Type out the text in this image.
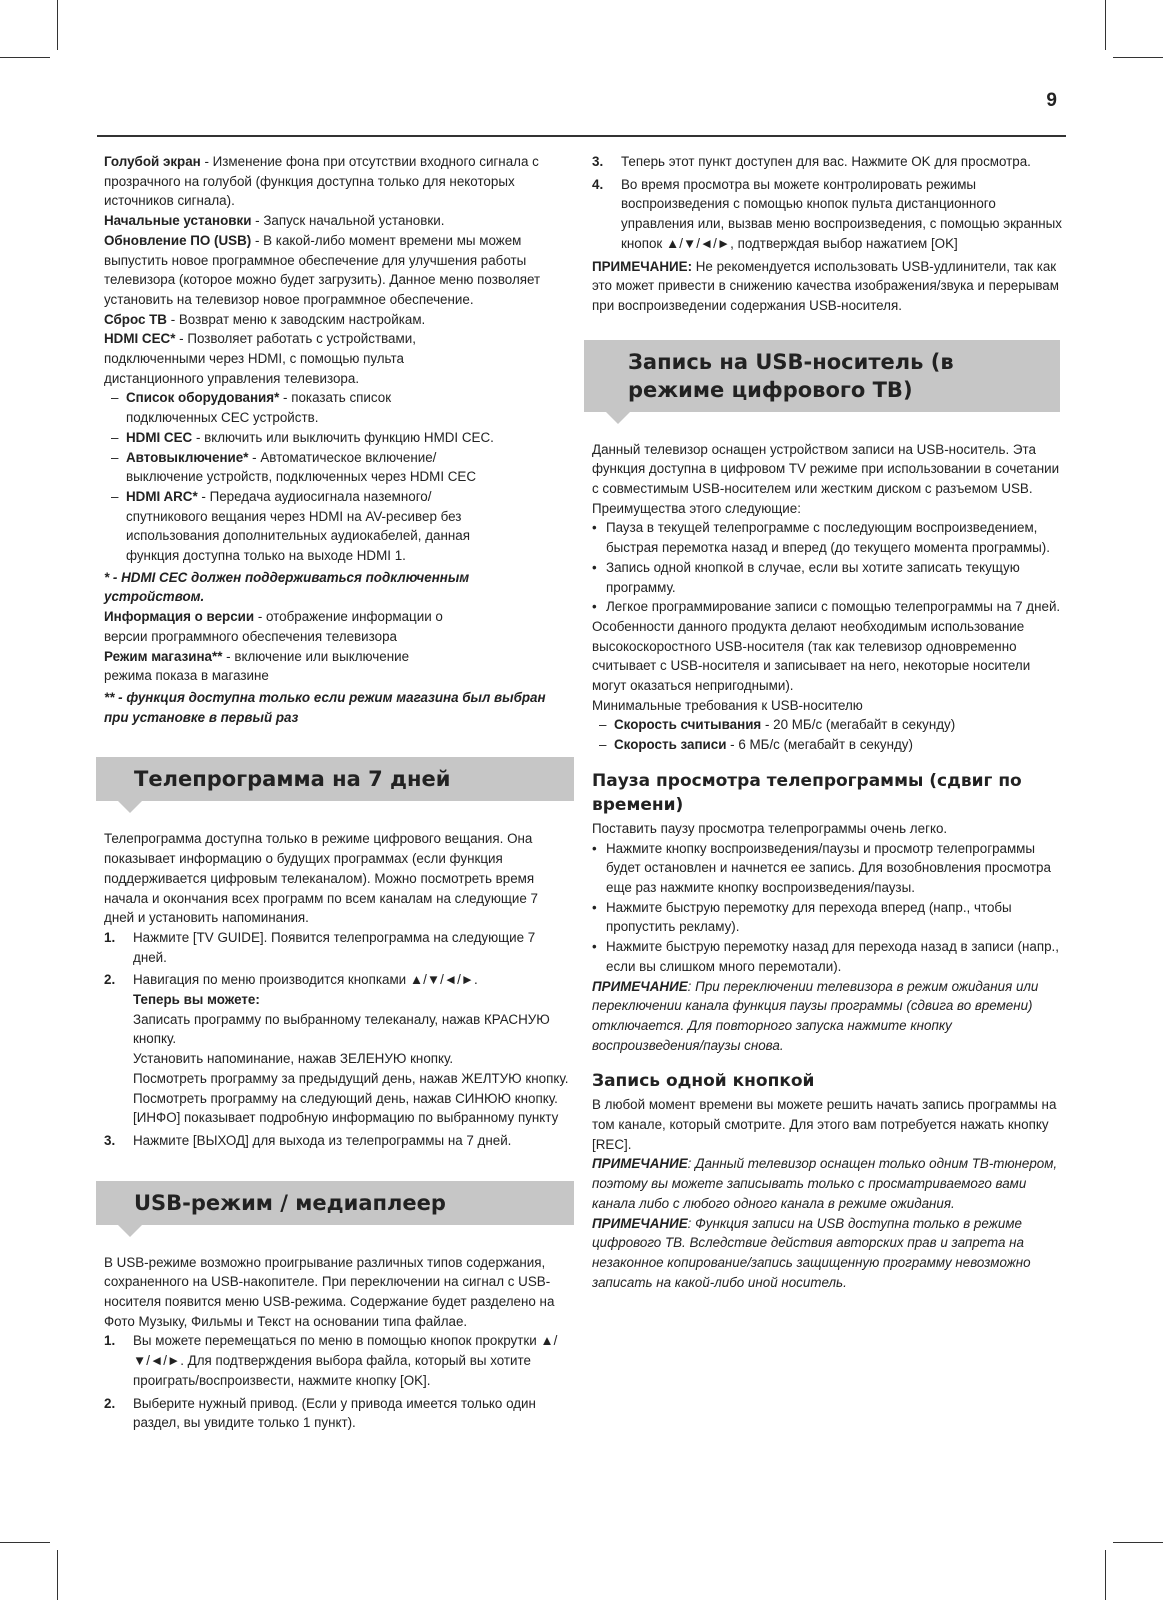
9

Голубой экран - Изменение фона при отсутствии входного сигнала с прозрачного на голубой (функция доступна только для некоторых источников сигнала).

Начальные установки - Запуск начальной установки.

Обновление ПО (USB) - В какой-либо момент времени мы можем выпустить новое программное обеспечение для улучшения работы телевизора (которое можно будет загрузить). Данное меню позволяет установить на телевизор новое программное обеспечение.

Сброс ТВ - Возврат меню к заводским настройкам.

HDMI CEC* - Позволяет работать с устройствами, подключенными через HDMI, с помощью пульта дистанционного управления телевизора.

– Список оборудования* - показать список подключенных CEC устройств.
– HDMI CEC - включить или выключить функцию HMDI CEC.
– Автовыключение* - Автоматическое включение/ выключение устройств, подключенных через HDMI CEC
– HDMI ARC* - Передача аудиосигнала наземного/ спутникового вещания через HDMI на AV-ресивер без использования дополнительных аудиокабелей, данная функция доступна только на выходе HDMI 1.

* - HDMI CEC должен поддерживаться подключенным устройством.

Информация о версии - отображение информации о версии программного обеспечения телевизора

Режим магазина** - включение или выключение режима показа в магазине

** - функция доступна только если режим магазина был выбран при установке в первый раз

Телепрограмма на 7 дней

Телепрограмма доступна только в режиме цифрового вещания. Она показывает информацию о будущих программах (если функция поддерживается цифровым телеканалом). Можно посмотреть время начала и окончания всех программ по всем каналам на следующие 7 дней и установить напоминания.

1. Нажмите [TV GUIDE]. Появится телепрограмма на следующие 7 дней.
2. Навигация по меню производится кнопками ▲/▼/◄/►.
Теперь вы можете:
Записать программу по выбранному телеканалу, нажав КРАСНУЮ кнопку.
Установить напоминание, нажав ЗЕЛЕНУЮ кнопку.
Посмотреть программу за предыдущий день, нажав ЖЕЛТУЮ кнопку.
Посмотреть программу на следующий день, нажав СИНЮЮ кнопку. [ИНФО] показывает подробную информацию по выбранному пункту
3. Нажмите [ВЫХОД] для выхода из телепрограммы на 7 дней.
USB-режим / медиаплеер

В USB-режиме возможно проигрывание различных типов содержания, сохраненного на USB-накопителе. При переключении на сигнал с USB-носителя появится меню USB-режима. Содержание будет разделено на Фото Музыку, Фильмы и Текст на основании типа файлае.

1. Вы можете перемещаться по меню в помощью кнопок прокрутки ▲/▼/◄/►. Для подтверждения выбора файла, который вы хотите проиграть/воспроизвести, нажмите кнопку [OK].
2. Выберите нужный привод. (Если у привода имеется только один раздел, вы увидите только 1 пункт).
3. Теперь этот пункт доступен для вас. Нажмите OK для просмотра.
4. Во время просмотра вы можете контролировать режимы воспроизведения с помощью кнопок пульта дистанционного управления или, вызвав меню воспроизведения, с помощью экранных кнопок ▲/▼/◄/►, подтверждая выбор нажатием [OK]

ПРИМЕЧАНИЕ: Не рекомендуется использовать USB-удлинители, так как это может привести в снижению качества изображения/звука и перерывам при воспроизведении содержания USB-носителя.

Запись на USB-носитель (в режиме цифрового ТВ)

Данный телевизор оснащен устройством записи на USB-носитель. Эта функция доступна в цифровом TV режиме при использовании в сочетании с совместимым USB-носителем или жестким диском с разъемом USB. Преимущества этого следующие:

• Пауза в текущей телепрограмме с последующим воспроизведением, быстрая перемотка назад и вперед (до текущего момента программы).
• Запись одной кнопкой в случае, если вы хотите записать текущую программу.
• Легкое программирование записи с помощью телепрограммы на 7 дней.

Особенности данного продукта делают необходимым использование высокоскоростного USB-носителя (так как телевизор одновременно считывает с USB-носителя и записывает на него, некоторые носители могут оказаться непригодными).

Минимальные требования к USB-носителю

– Скорость считывания - 20 МБ/с (мегабайт в секунду)
– Скорость записи - 6 МБ/с (мегабайт в секунду)
Пауза просмотра телепрограммы (сдвиг по времени)

Поставить паузу просмотра телепрограммы очень легко.

• Нажмите кнопку воспроизведения/паузы и просмотр телепрограммы будет остановлен и начнется ее запись. Для возобновления просмотра еще раз нажмите кнопку воспроизведения/паузы.
• Нажмите быструю перемотку для перехода вперед (напр., чтобы пропустить рекламу).
• Нажмите быструю перемотку назад для перехода назад в записи (напр., если вы слишком много перемотали).

ПРИМЕЧАНИЕ: При переключении телевизора в режим ожидания или переключении канала функция паузы программы (сдвига во времени) отключается. Для повторного запуска нажмите кнопку воспроизведения/паузы снова.

Запись одной кнопкой

В любой момент времени вы можете решить начать запись программы на том канале, который смотрите. Для этого вам потребуется нажать кнопку [REC].

ПРИМЕЧАНИЕ: Данный телевизор оснащен только одним ТВ-тюнером, поэтому вы можете записывать только с просматриваемого вами канала либо с любого одного канала в режиме ожидания.

ПРИМЕЧАНИЕ: Функция записи на USB доступна только в режиме цифрового ТВ. Вследствие действия авторских прав и запрета на незаконное копирование/запись защищенную программу невозможно записать на какой-либо иной носитель.
